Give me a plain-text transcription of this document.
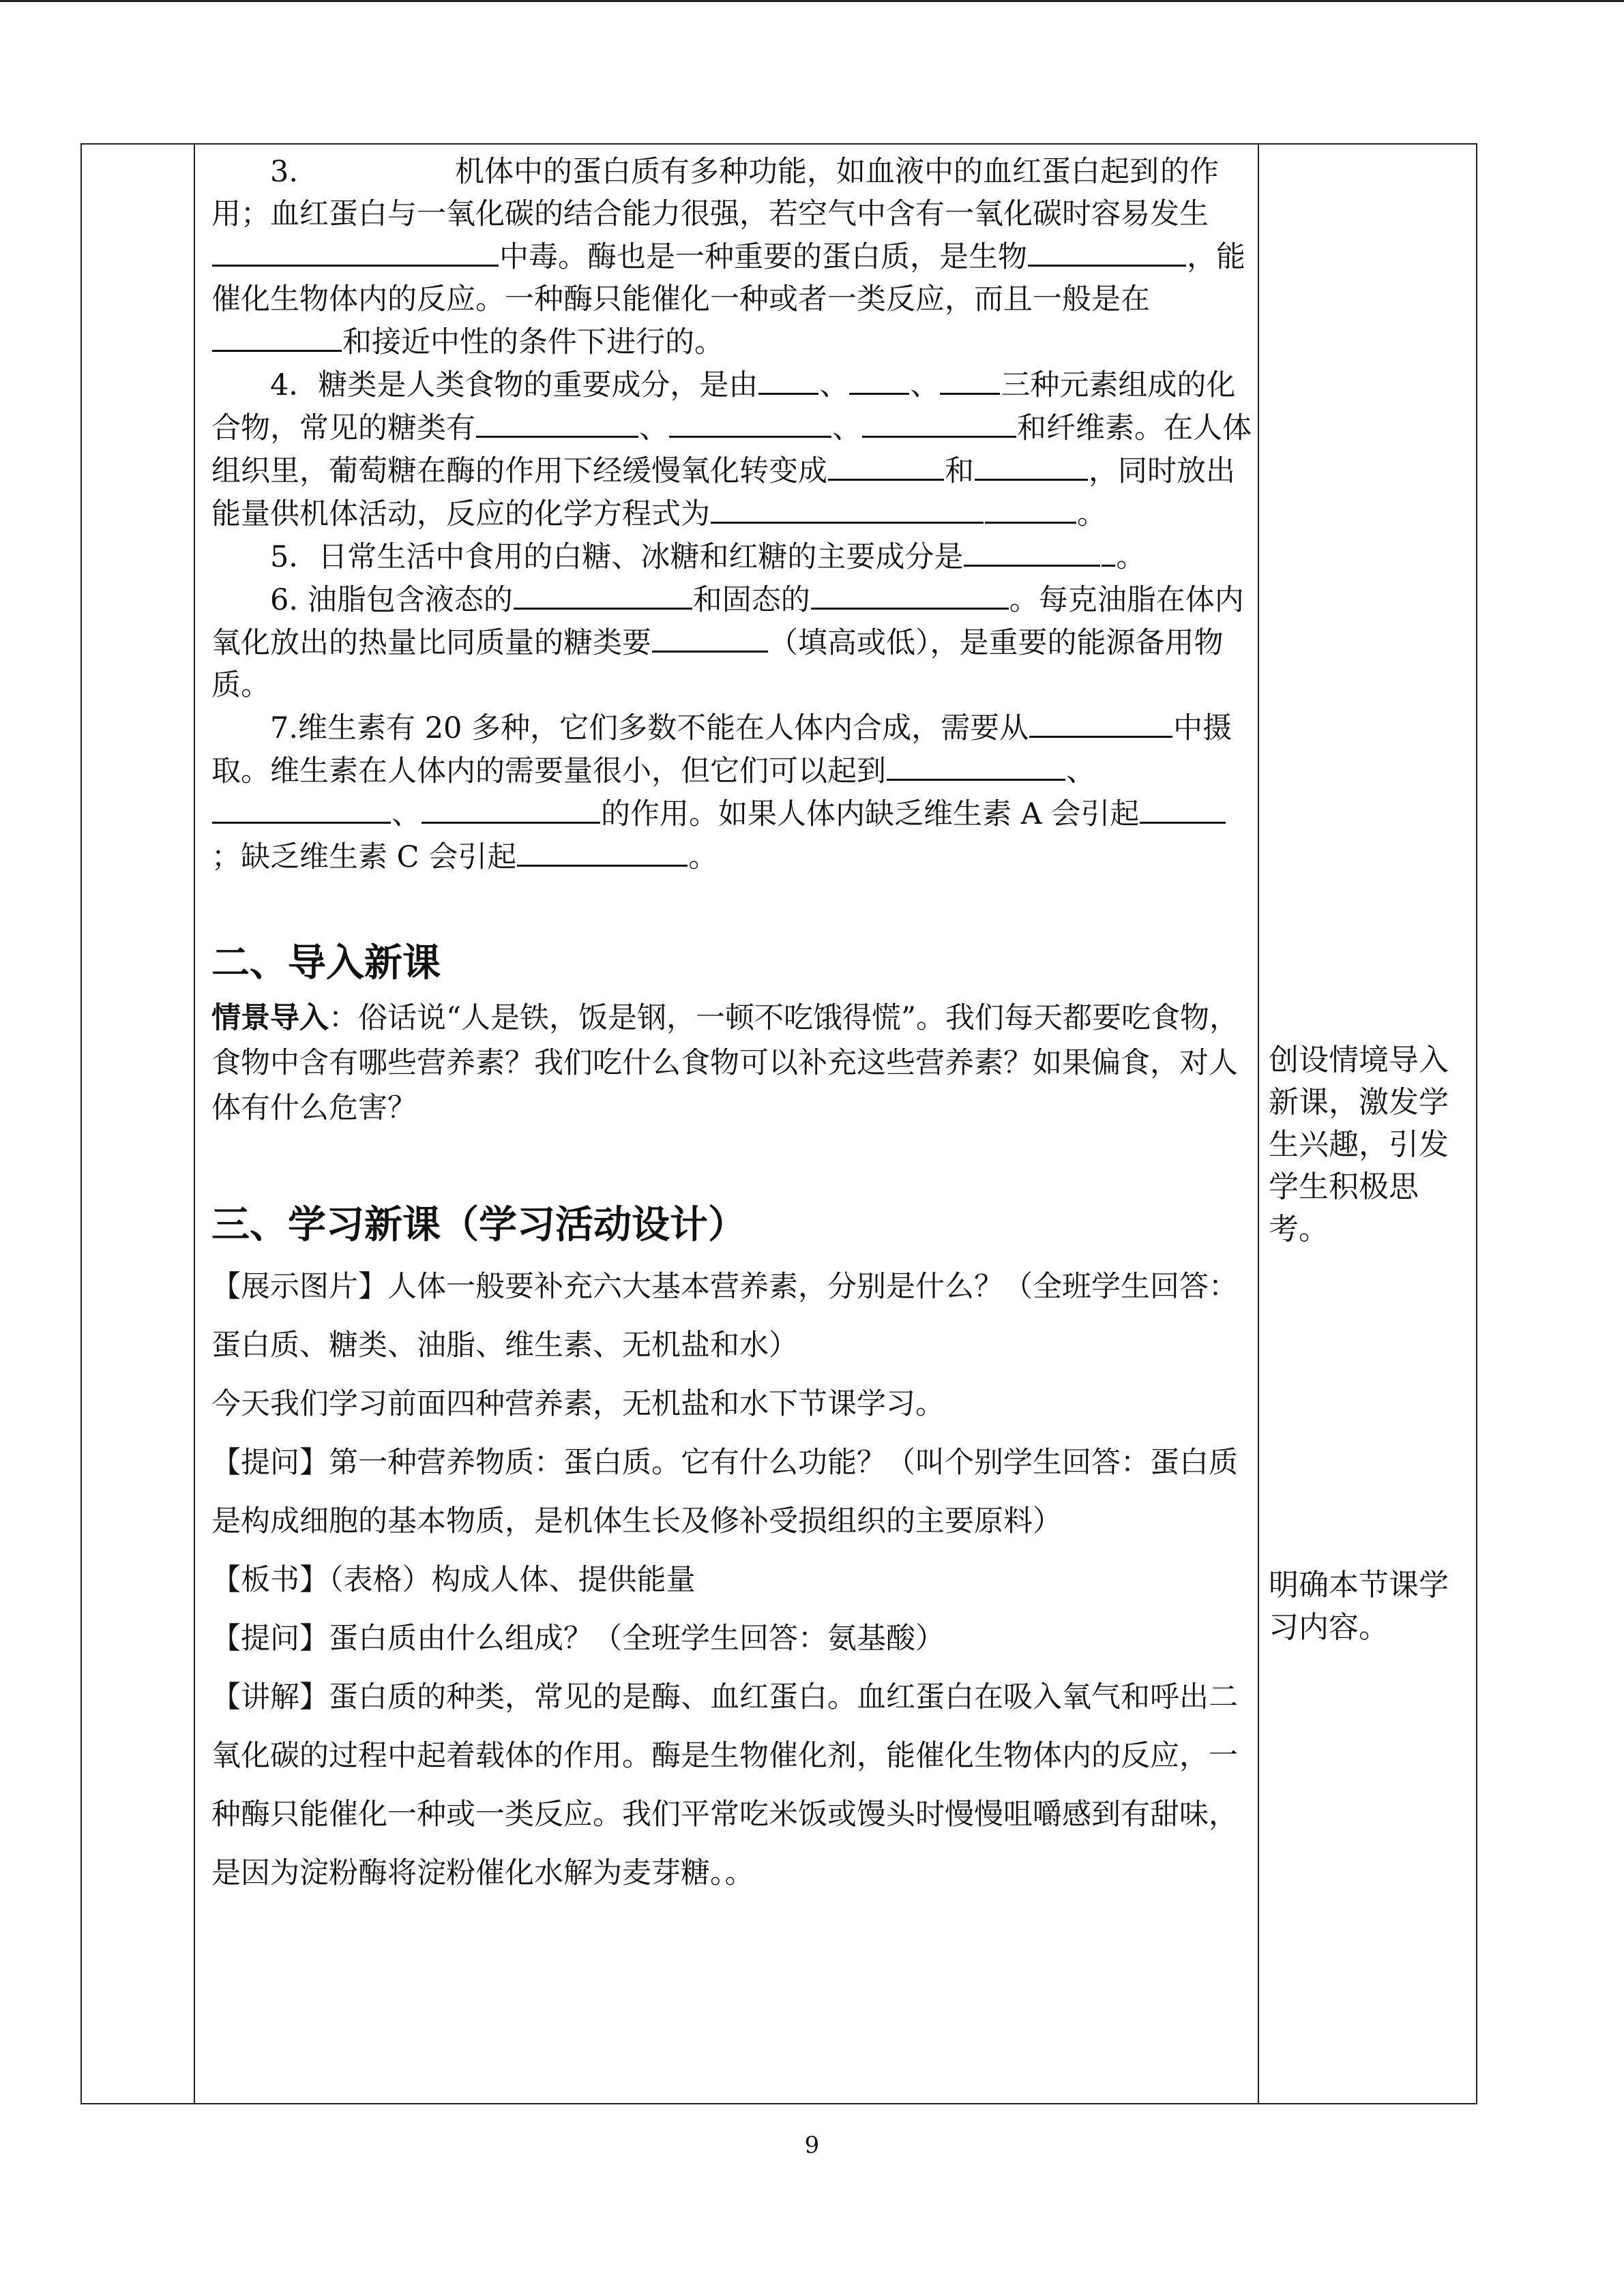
3.	机体中的蛋白质有多种功能，如血液中的血红蛋白起到的作用；血红蛋白与一氧化碳的结合能力很强，若空气中含有一氧化碳时容易发生中毒。酶也是一种重要的蛋白质，是生物	，能催化生物体内的反应。一种酶只能催化一种或者一类反应，而且一般是在和接近中性的条件下进行的。

4．糖类是人类食物的重要成分，是由 、 、 三种元素组成的化合物，常见的糖类有	、	、	和纤维素。在人体组织里，葡萄糖在酶的作用下经缓慢氧化转变成	和	，同时放出能量供机体活动，反应的化学方程式为	。

5．日常生活中食用的白糖、冰糖和红糖的主要成分是	。

6. 油脂包含液态的	和固态的	。每克油脂在体内氧化放出的热量比同质量的糖类要	（填高或低），是重要的能源备用物质。

7.维生素有 20 多种，它们多数不能在人体内合成，需要从	中摄取。维生素在人体内的需要量很小，但它们可以起到	、、	的作用。如果人体内缺乏维生素 A 会引起；缺乏维生素 C 会引起	。

二、导入新课

情景导入：俗话说“人是铁，饭是钢，一顿不吃饿得慌”。我们每天都要吃食物，食物中含有哪些营养素？我们吃什么食物可以补充这些营养素？如果偏食，对人体有什么危害？

三、学习新课（学习活动设计）

【展示图片】人体一般要补充六大基本营养素，分别是什么？（全班学生回答：蛋白质、糖类、油脂、维生素、无机盐和水）

今天我们学习前面四种营养素，无机盐和水下节课学习。

【提问】第一种营养物质：蛋白质。它有什么功能？（叫个别学生回答：蛋白质是构成细胞的基本物质，是机体生长及修补受损组织的主要原料）

【板书】（表格）构成人体、提供能量

【提问】蛋白质由什么组成？（全班学生回答：氨基酸）

【讲解】蛋白质的种类，常见的是酶、血红蛋白。血红蛋白在吸入氧气和呼出二氧化碳的过程中起着载体的作用。酶是生物催化剂，能催化生物体内的反应，一种酶只能催化一种或一类反应。我们平常吃米饭或馒头时慢慢咀嚼感到有甜味，是因为淀粉酶将淀粉催化水解为麦芽糖。。

创设情境导入新课，激发学生兴趣，引发学生积极思考。
明确本节课学习内容。
9
